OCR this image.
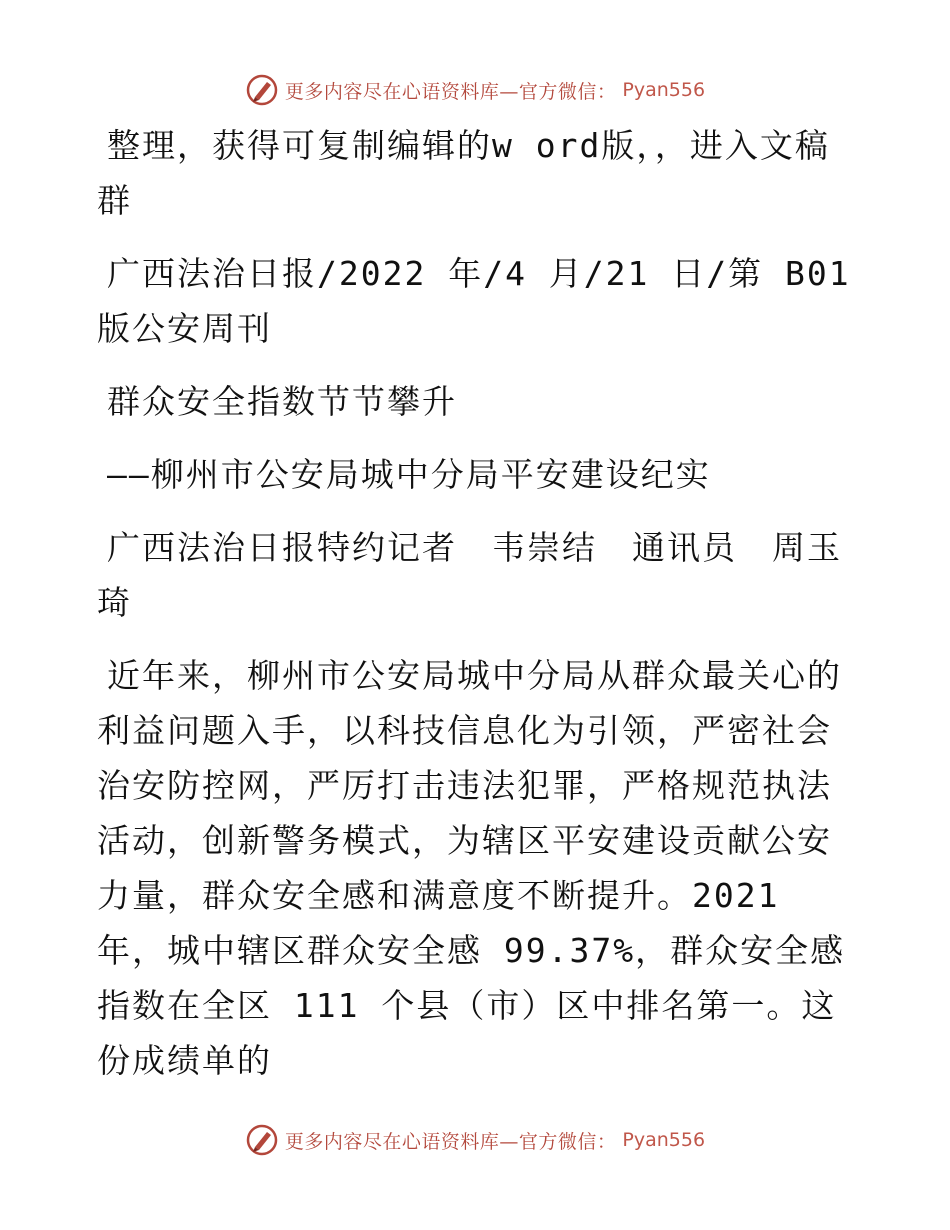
更多内容尽在心语资料库—官方微信： Pyan556

整理，获得可复制编辑的w ord版，，进入文稿群

广西法治日报/2022 年/4 月/21 日/第 B01 版公安周刊

群众安全指数节节攀升

——柳州市公安局城中分局平安建设纪实

广西法治日报特约记者　韦崇结　通讯员　周玉琦

近年来，柳州市公安局城中分局从群众最关心的利益问题入手，以科技信息化为引领，严密社会治安防控网，严厉打击违法犯罪，严格规范执法活动，创新警务模式，为辖区平安建设贡献公安力量，群众安全感和满意度不断提升。2021 年，城中辖区群众安全感 99.37%，群众安全感指数在全区 111 个县（市）区中排名第一。这份成绩单的

更多内容尽在心语资料库—官方微信： Pyan556
